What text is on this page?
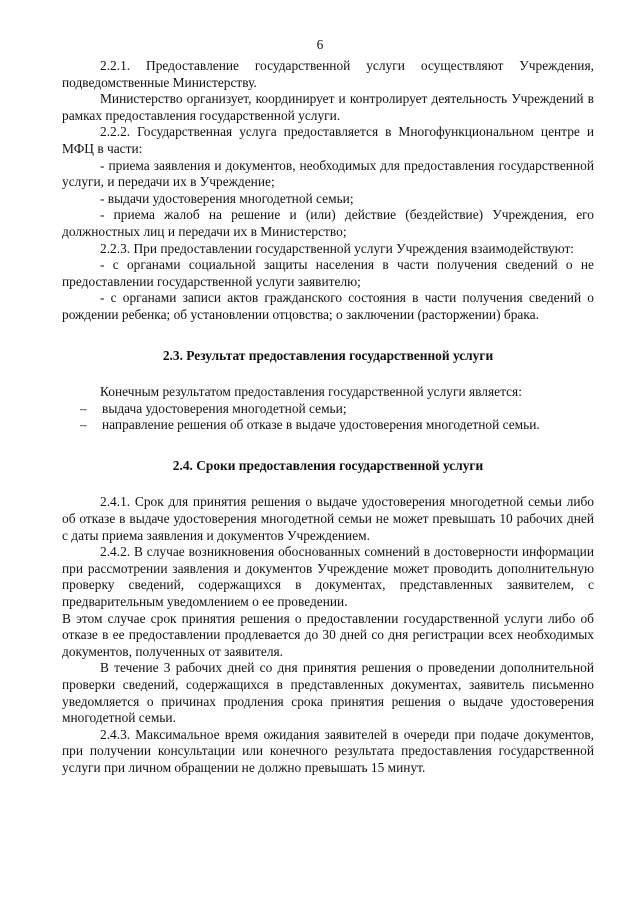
6

2.2.1. Предоставление государственной услуги осуществляют Учреждения, подведомственные Министерству.

Министерство организует, координирует и контролирует деятельность Учреждений в рамках предоставления государственной услуги.

2.2.2. Государственная услуга предоставляется в Многофункциональном центре и МФЦ в части:

- приема заявления и документов, необходимых для предоставления государственной услуги, и передачи их в Учреждение;

- выдачи удостоверения многодетной семьи;

- приема жалоб на решение и (или) действие (бездействие) Учреждения, его должностных лиц и передачи их в Министерство;

2.2.3. При предоставлении государственной услуги Учреждения взаимодействуют:

- с органами социальной защиты населения в части получения сведений о не предоставлении государственной услуги заявителю;

- с органами записи актов гражданского состояния в части получения сведений о рождении ребенка; об установлении отцовства; о заключении (расторжении) брака.

2.3. Результат предоставления государственной услуги

Конечным результатом предоставления государственной услуги является:

– выдача удостоверения многодетной семьи;
– направление решения об отказе в выдаче удостоверения многодетной семьи.
2.4. Сроки предоставления государственной услуги

2.4.1. Срок для принятия решения о выдаче удостоверения многодетной семьи либо об отказе в выдаче удостоверения многодетной семьи не может превышать 10 рабочих дней с даты приема заявления и документов Учреждением.

2.4.2. В случае возникновения обоснованных сомнений в достоверности информации при рассмотрении заявления и документов Учреждение может проводить дополнительную проверку сведений, содержащихся в документах, представленных заявителем, с предварительным уведомлением о ее проведении.

В этом случае срок принятия решения о предоставлении государственной услуги либо об отказе в ее предоставлении продлевается до 30 дней со дня регистрации всех необходимых документов, полученных от заявителя.

В течение 3 рабочих дней со дня принятия решения о проведении дополнительной проверки сведений, содержащихся в представленных документах, заявитель письменно уведомляется о причинах продления срока принятия решения о выдаче удостоверения многодетной семьи.

2.4.3. Максимальное время ожидания заявителей в очереди при подаче документов, при получении консультации или конечного результата предоставления государственной услуги при личном обращении не должно превышать 15 минут.
